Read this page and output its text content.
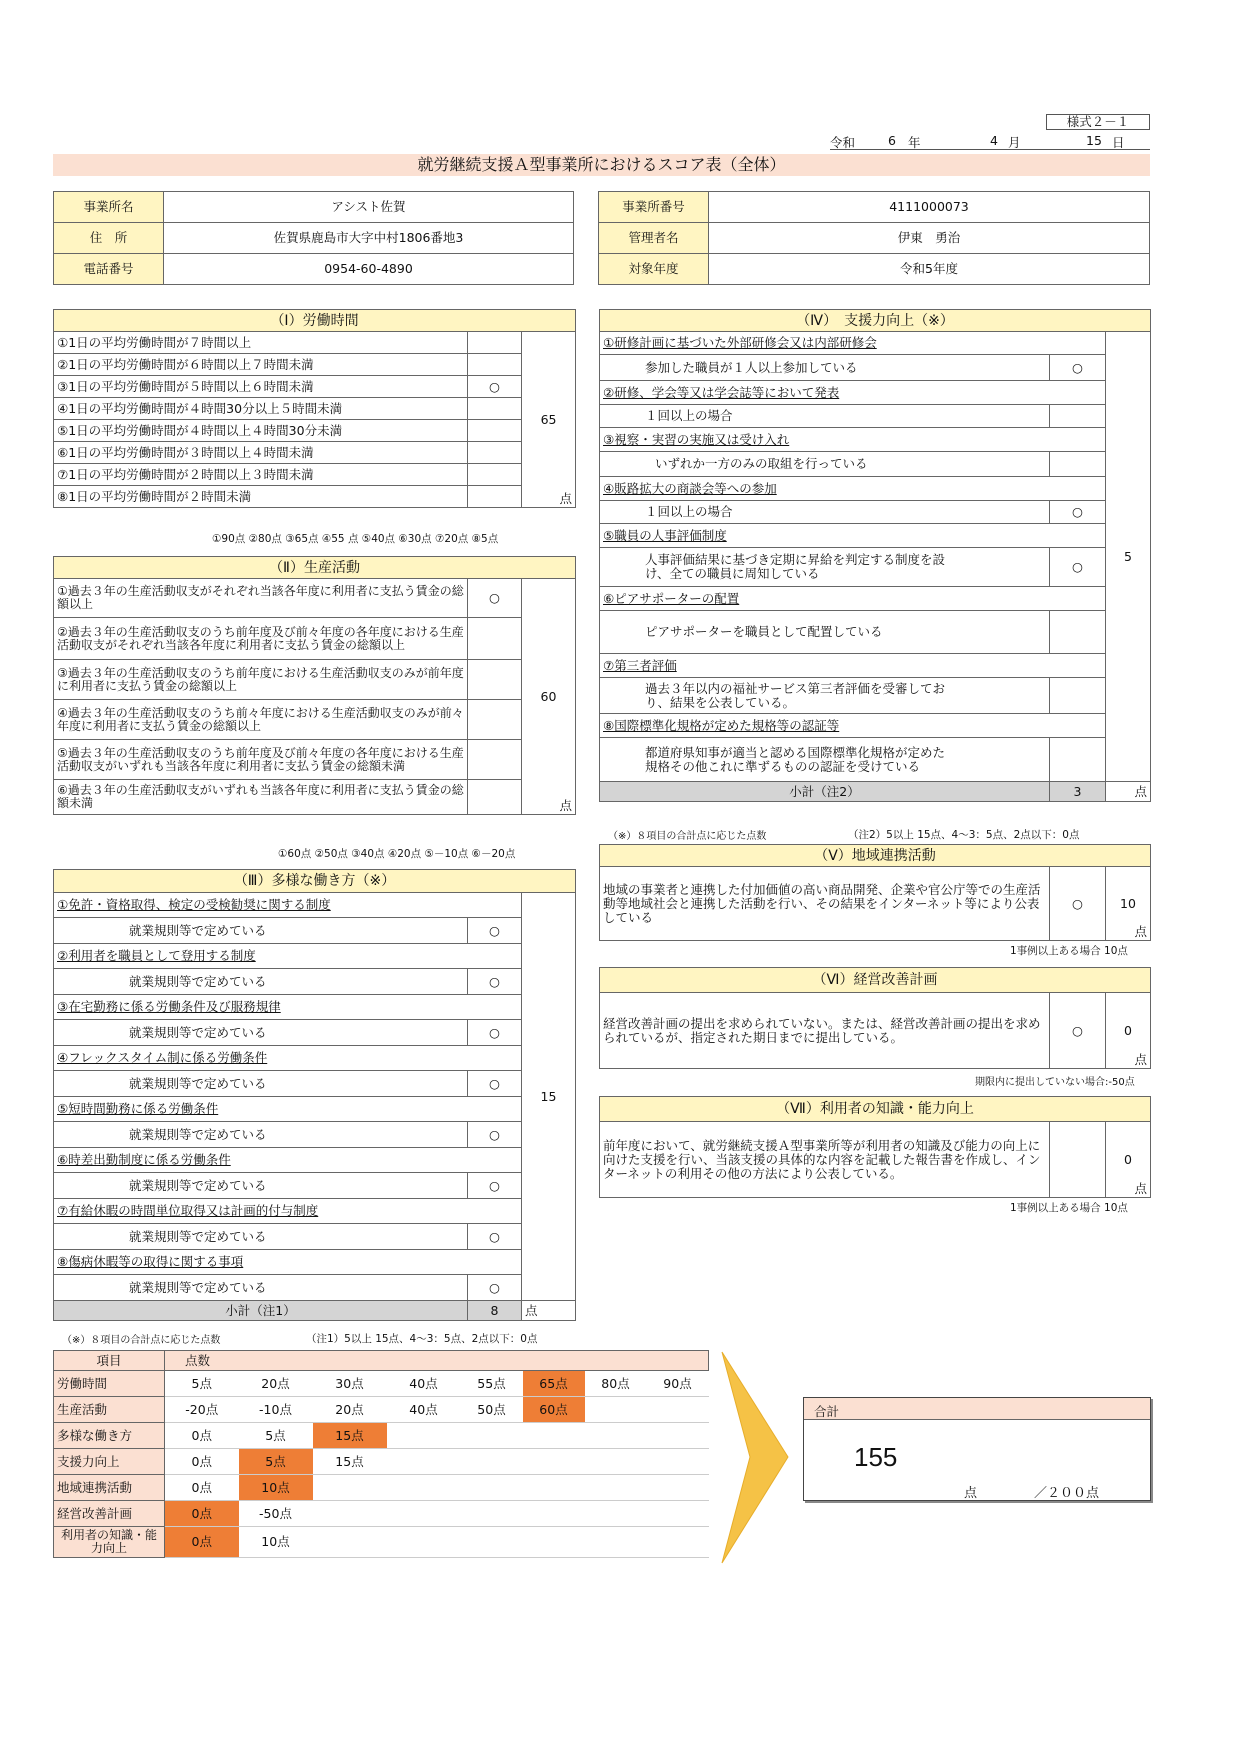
様式２－１
令和	6 年	4 月	15 日
就労継続支援Ａ型事業所におけるスコア表（全体）
事業所名	アシスト佐賀
住　所	佐賀県鹿島市大字中村1806番地3
電話番号	0954-60-4890
事業所番号	4111000073
管理者名	伊東　勇治
対象年度	令和5年度
（Ⅰ）労働時間		
①1日の平均労働時間が７時間以上		65
点

②1日の平均労働時間が６時間以上７時間未満		
③1日の平均労働時間が５時間以上６時間未満	○	
④1日の平均労働時間が４時間30分以上５時間未満		
⑤1日の平均労働時間が４時間以上４時間30分未満		
⑥1日の平均労働時間が３時間以上４時間未満		
⑦1日の平均労働時間が２時間以上３時間未満		
⑧1日の平均労働時間が２時間未満		
①90点 ②80点 ③65点 ④55 点 ⑤40点 ⑥30点 ⑦20点 ⑧5点
（Ⅱ）生産活動		
①過去３年の生産活動収支がそれぞれ当該各年度に利用者に支払う賃金の総額以上	○	60
点

②過去３年の生産活動収支のうち前年度及び前々年度の各年度における生産活動収支がそれぞれ当該各年度に利用者に支払う賃金の総額以上		
③過去３年の生産活動収支のうち前年度における生産活動収支のみが前年度に利用者に支払う賃金の総額以上		
④過去３年の生産活動収支のうち前々年度における生産活動収支のみが前々年度に利用者に支払う賃金の総額以上		
⑤過去３年の生産活動収支のうち前年度及び前々年度の各年度における生産活動収支がいずれも当該各年度に利用者に支払う賃金の総額未満		
⑥過去３年の生産活動収支がいずれも当該各年度に利用者に支払う賃金の総額未満		
①60点 ②50点 ③40点 ④20点 ⑤－10点 ⑥－20点
（Ⅲ）多様な働き方（※）		
①免許・資格取得、検定の受検勧奨に関する制度		15
就業規則等で定めている	○	
②利用者を職員として登用する制度		
就業規則等で定めている	○	
③在宅勤務に係る労働条件及び服務規律		
就業規則等で定めている	○	
④フレックスタイム制に係る労働条件		
就業規則等で定めている	○	
⑤短時間勤務に係る労働条件		
就業規則等で定めている	○	
⑥時差出勤制度に係る労働条件		
就業規則等で定めている	○	
⑦有給休暇の時間単位取得又は計画的付与制度		
就業規則等で定めている	○	
⑧傷病休暇等の取得に関する事項		
就業規則等で定めている	○	
小計（注1）	8	点
（※）８項目の合計点に応じた点数	（注1）5以上 15点、4～3：5点、2点以下：0点
（Ⅳ）　支援力向上（※）		
①研修計画に基づいた外部研修会又は内部研修会		5
参加した職員が１人以上参加している	○	
②研修、学会等又は学会誌等において発表		
１回以上の場合		
③視察・実習の実施又は受け入れ		
いずれか一方のみの取組を行っている		
④販路拡大の商談会等への参加		
１回以上の場合	○	
⑤職員の人事評価制度		
人事評価結果に基づき定期に昇給を判定する制度を設け、全ての職員に周知している	○	
⑥ピアサポーターの配置		
ピアサポーターを職員として配置している		
⑦第三者評価		
過去３年以内の福祉サービス第三者評価を受審しており、結果を公表している。		
⑧国際標準化規格が定めた規格等の認証等		
都道府県知事が適当と認める国際標準化規格が定めた規格その他これに準ずるものの認証を受けている		
小計（注2）	3	点
（※）８項目の合計点に応じた点数	（注2）5以上 15点、4～3：5点、2点以下：0点
（Ⅴ）地域連携活動
地域の事業者と連携した付加価値の高い商品開発、企業や官公庁等での生産活動等地域社会と連携した活動を行い、その結果をインターネット等により公表している	○	10
点
1事例以上ある場合 10点
（Ⅵ）経営改善計画
経営改善計画の提出を求められていない。または、経営改善計画の提出を求められているが、指定された期日までに提出している。	○	0
点
期限内に提出していない場合:-50点
（Ⅶ）利用者の知識・能力向上
前年度において、就労継続支援Ａ型事業所等が利用者の知識及び能力の向上に向けた支援を行い、当該支援の具体的な内容を記載した報告書を作成し、インターネットの利用その他の方法により公表している。		0
点
1事例以上ある場合 10点
項目	点数							
労働時間	5点	20点	30点	40点	55点	65点	80点	90点
生産活動	-20点	-10点	20点	40点	50点	60点		
多様な働き方	0点	5点	15点					
支援力向上	0点	5点	15点					
地域連携活動	0点	10点						
経営改善計画	0点	-50点						
利用者の知識・能力向上	0点	10点						
合計
155
点	／２００点
